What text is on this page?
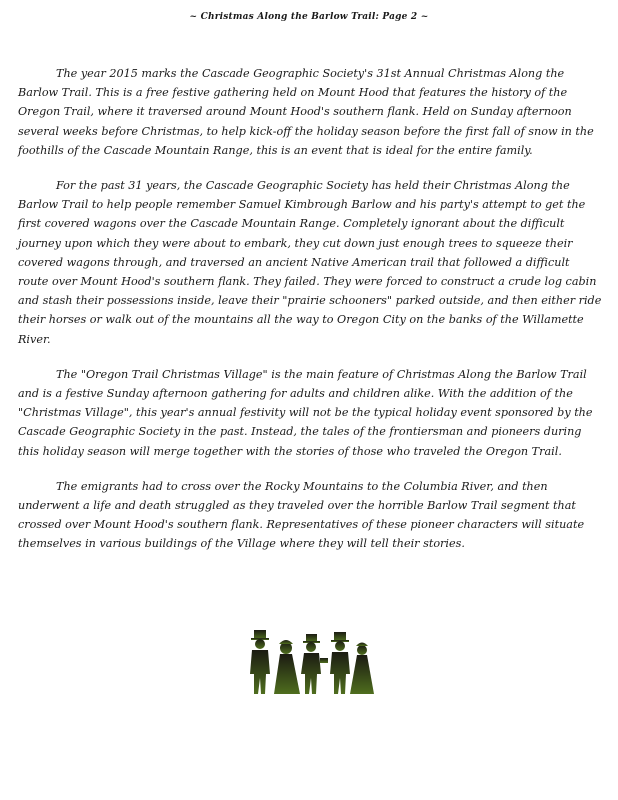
~ Christmas Along the Barlow Trail: Page 2 ~

The year 2015 marks the Cascade Geographic Society's 31st Annual Christmas Along the Barlow Trail. This is a free festive gathering held on Mount Hood that features the history of the Oregon Trail, where it traversed around Mount Hood's southern flank. Held on Sunday afternoon several weeks before Christmas, to help kick-off the holiday season before the first fall of snow in the foothills of the Cascade Mountain Range, this is an event that is ideal for the entire family.

For the past 31 years, the Cascade Geographic Society has held their Christmas Along the Barlow Trail to help people remember Samuel Kimbrough Barlow and his party's attempt to get the first covered wagons over the Cascade Mountain Range. Completely ignorant about the difficult journey upon which they were about to embark, they cut down just enough trees to squeeze their covered wagons through, and traversed an ancient Native American trail that followed a difficult route over Mount Hood's southern flank. They failed. They were forced to construct a crude log cabin and stash their possessions inside, leave their "prairie schooners" parked outside, and then either ride their horses or walk out of the mountains all the way to Oregon City on the banks of the Willamette River.

The "Oregon Trail Christmas Village" is the main feature of Christmas Along the Barlow Trail and is a festive Sunday afternoon gathering for adults and children alike. With the addition of the "Christmas Village", this year's annual festivity will not be the typical holiday event sponsored by the Cascade Geographic Society in the past. Instead, the tales of the frontiersman and pioneers during this holiday season will merge together with the stories of those who traveled the Oregon Trail.

The emigrants had to cross over the Rocky Mountains to the Columbia River, and then underwent a life and death struggled as they traveled over the horrible Barlow Trail segment that crossed over Mount Hood's southern flank. Representatives of these pioneer characters will situate themselves in various buildings of the Village where they will tell their stories.
